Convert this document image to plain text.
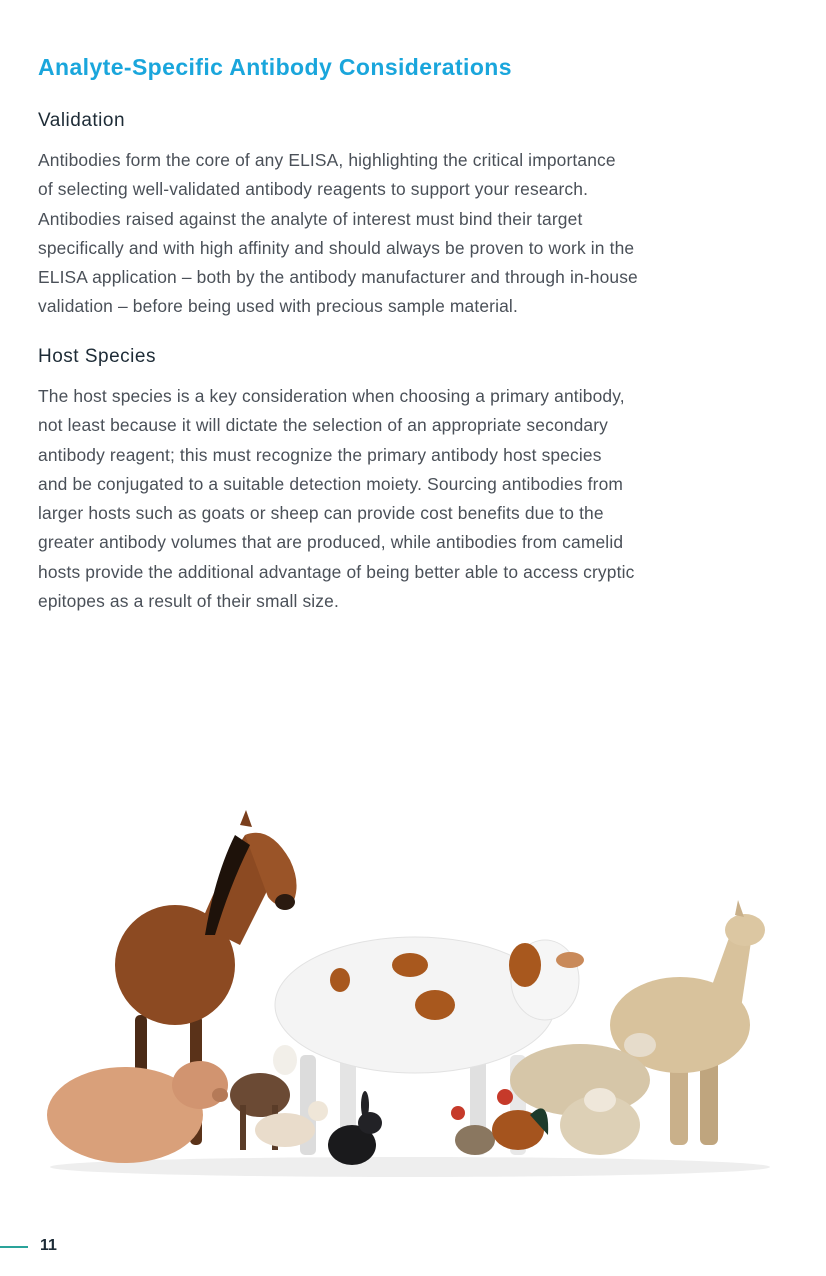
Analyte-Specific Antibody Considerations
Validation

Antibodies form the core of any ELISA, highlighting the critical importance
of selecting well-validated antibody reagents to support your research.
Antibodies raised against the analyte of interest must bind their target
specifically and with high affinity and should always be proven to work in the
ELISA application – both by the antibody manufacturer and through in-house
validation – before being used with precious sample material.

Host Species

The host species is a key consideration when choosing a primary antibody,
not least because it will dictate the selection of an appropriate secondary
antibody reagent; this must recognize the primary antibody host species
and be conjugated to a suitable detection moiety. Sourcing antibodies from
larger hosts such as goats or sheep can provide cost benefits due to the
greater antibody volumes that are produced, while antibodies from camelid
hosts provide the additional advantage of being better able to access cryptic
epitopes as a result of their small size.

11
